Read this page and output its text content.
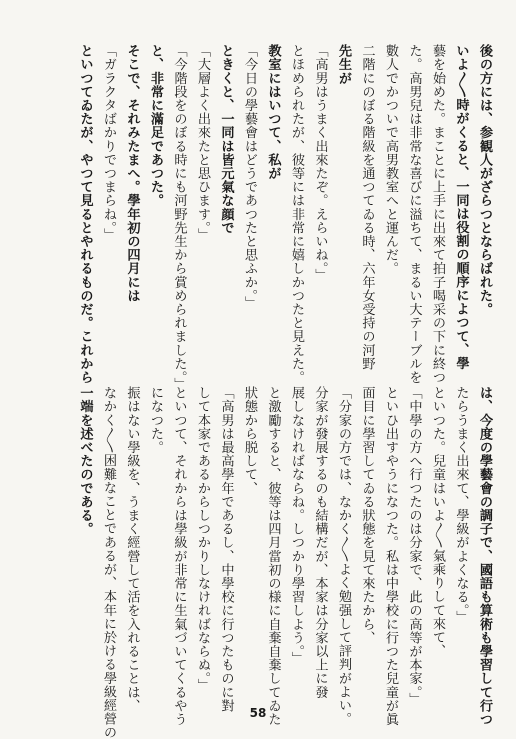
後の方には、参観人がざらつとならばれた。
いよ〳〵時がくると、一同は役割の順序によつて、學
藝を始めた。まことに上手に出來て拍子喝采の下に終つ
た。高男兒は非常な喜びに溢ちて、まるい大テーブルを
數人でかついで高男教室へと運んだ。
二階にのぼる階級を通つてゐる時、六年女受持の河野
先生が
「高男はうまく出來たぞ。えらいね。」
とほめられたが、彼等には非常に嬉しかつたと見えた。
教室にはいつて、私が
「今日の學藝會はどうであつたと思ふか。」
ときくと、一同は皆元氣な顔で
「大層よく出來たと思ひます。」
「今階段をのぼる時にも河野先生から賞められました。」
と、非常に滿足であつた。
そこで、それみたまへ。學年初の四月には
「ガラクタばかりでつまらね。」
といつてゐたが、やつて見るとやれるものだ。これから
は、今度の學藝會の調子で、國語も算術も學習して行つ
たらうまく出來て、學級がよくなる。」
といつた。兒童はいよ〳〵氣乘りして來て、
「中學の方へ行つたのは分家で、此の高等が本家。」
といひ出すやうになつた。私は中學校に行つた兒童が眞
面目に學習してゐる狀態を見て來たから、
「分家の方では、なかく〳〵よく勉强して評判がよい。
分家が發展するのも結構だが、本家は分家以上に發
展しなければならね。しつかり學習しよう。」
と激勵すると、彼等は四月當初の様に自棄自棄してゐた
狀態から脱して、
「高男は最高學年であるし、中學校に行つたものに對
して本家であるからしつかりしなければならぬ。」
といつて、それからは學級が非常に生氣づいてくるやう
になつた。
振はない學級を、うまく經營して活を入れることは、
なかく〳〵困難なことであるが、本年に於ける學級經營の
一端を述べたのである。
58
